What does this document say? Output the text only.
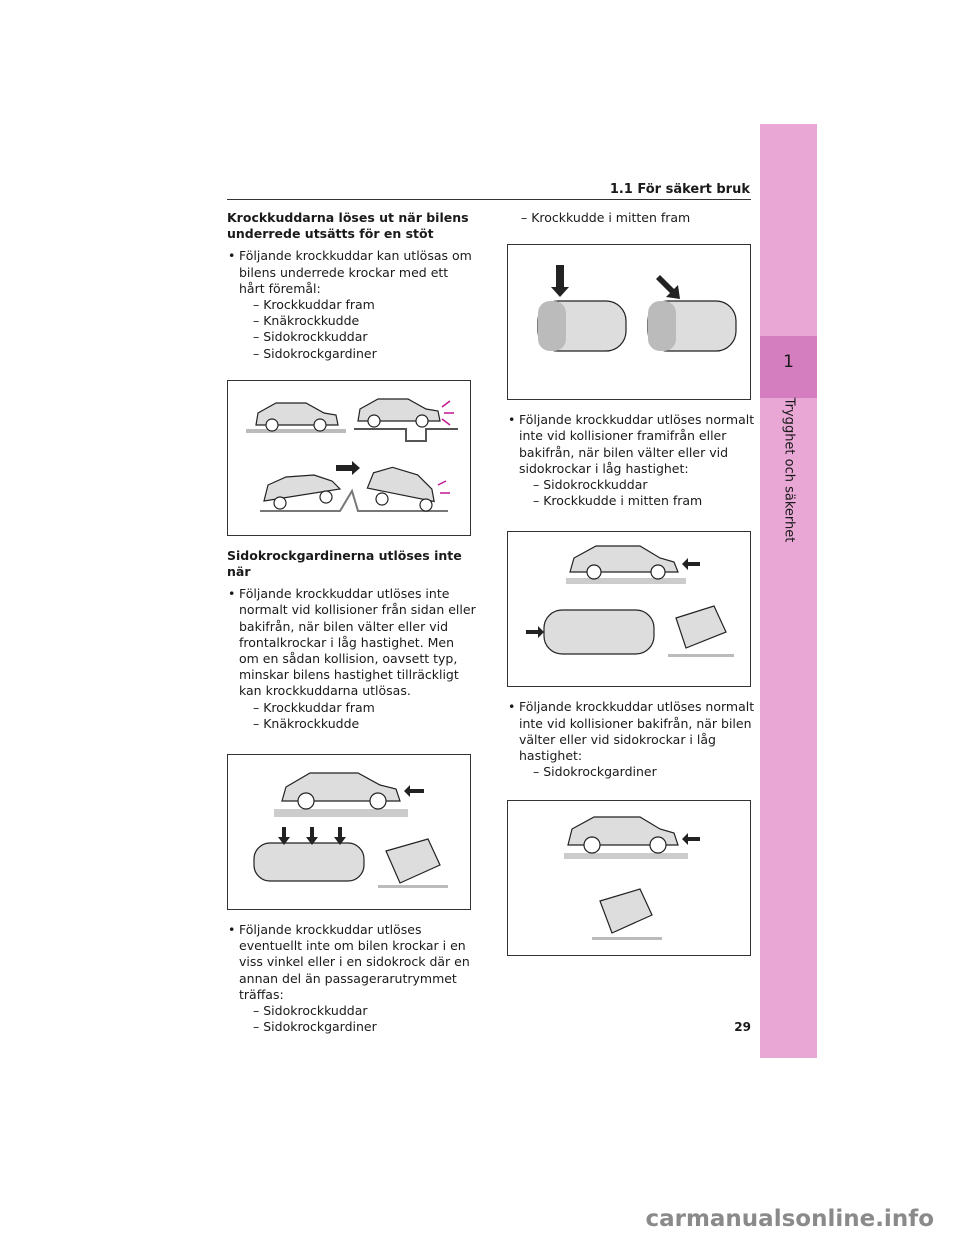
1
Trygghet och säkerhet
1.1 För säkert bruk
Krockkuddarna löses ut när bilens underrede utsätts för en stöt
• Följande krockkuddar kan utlösas om bilens underrede krockar med ett hårt föremål:
– Krockkuddar fram
– Knäkrockkudde
– Sidokrockkuddar
– Sidokrockgardiner
Sidokrockgardinerna utlöses inte när
• Följande krockkuddar utlöses inte normalt vid kollisioner från sidan eller bakifrån, när bilen välter eller vid frontalkrockar i låg hastighet. Men om en sådan kollision, oavsett typ, minskar bilens hastighet tillräckligt kan krockkuddarna utlösas.
– Krockkuddar fram
– Knäkrockkudde
• Följande krockkuddar utlöses eventuellt inte om bilen krockar i en viss vinkel eller i en sidokrock där en annan del än passagerarutrymmet träffas:
– Sidokrockkuddar
– Sidokrockgardiner
– Krockkudde i mitten fram
• Följande krockkuddar utlöses normalt inte vid kollisioner framifrån eller bakifrån, när bilen välter eller vid sidokrockar i låg hastighet:
– Sidokrockkuddar
– Krockkudde i mitten fram
• Följande krockkuddar utlöses normalt inte vid kollisioner bakifrån, när bilen välter eller vid sidokrockar i låg hastighet:
– Sidokrockgardiner
29
carmanualsonline.info
